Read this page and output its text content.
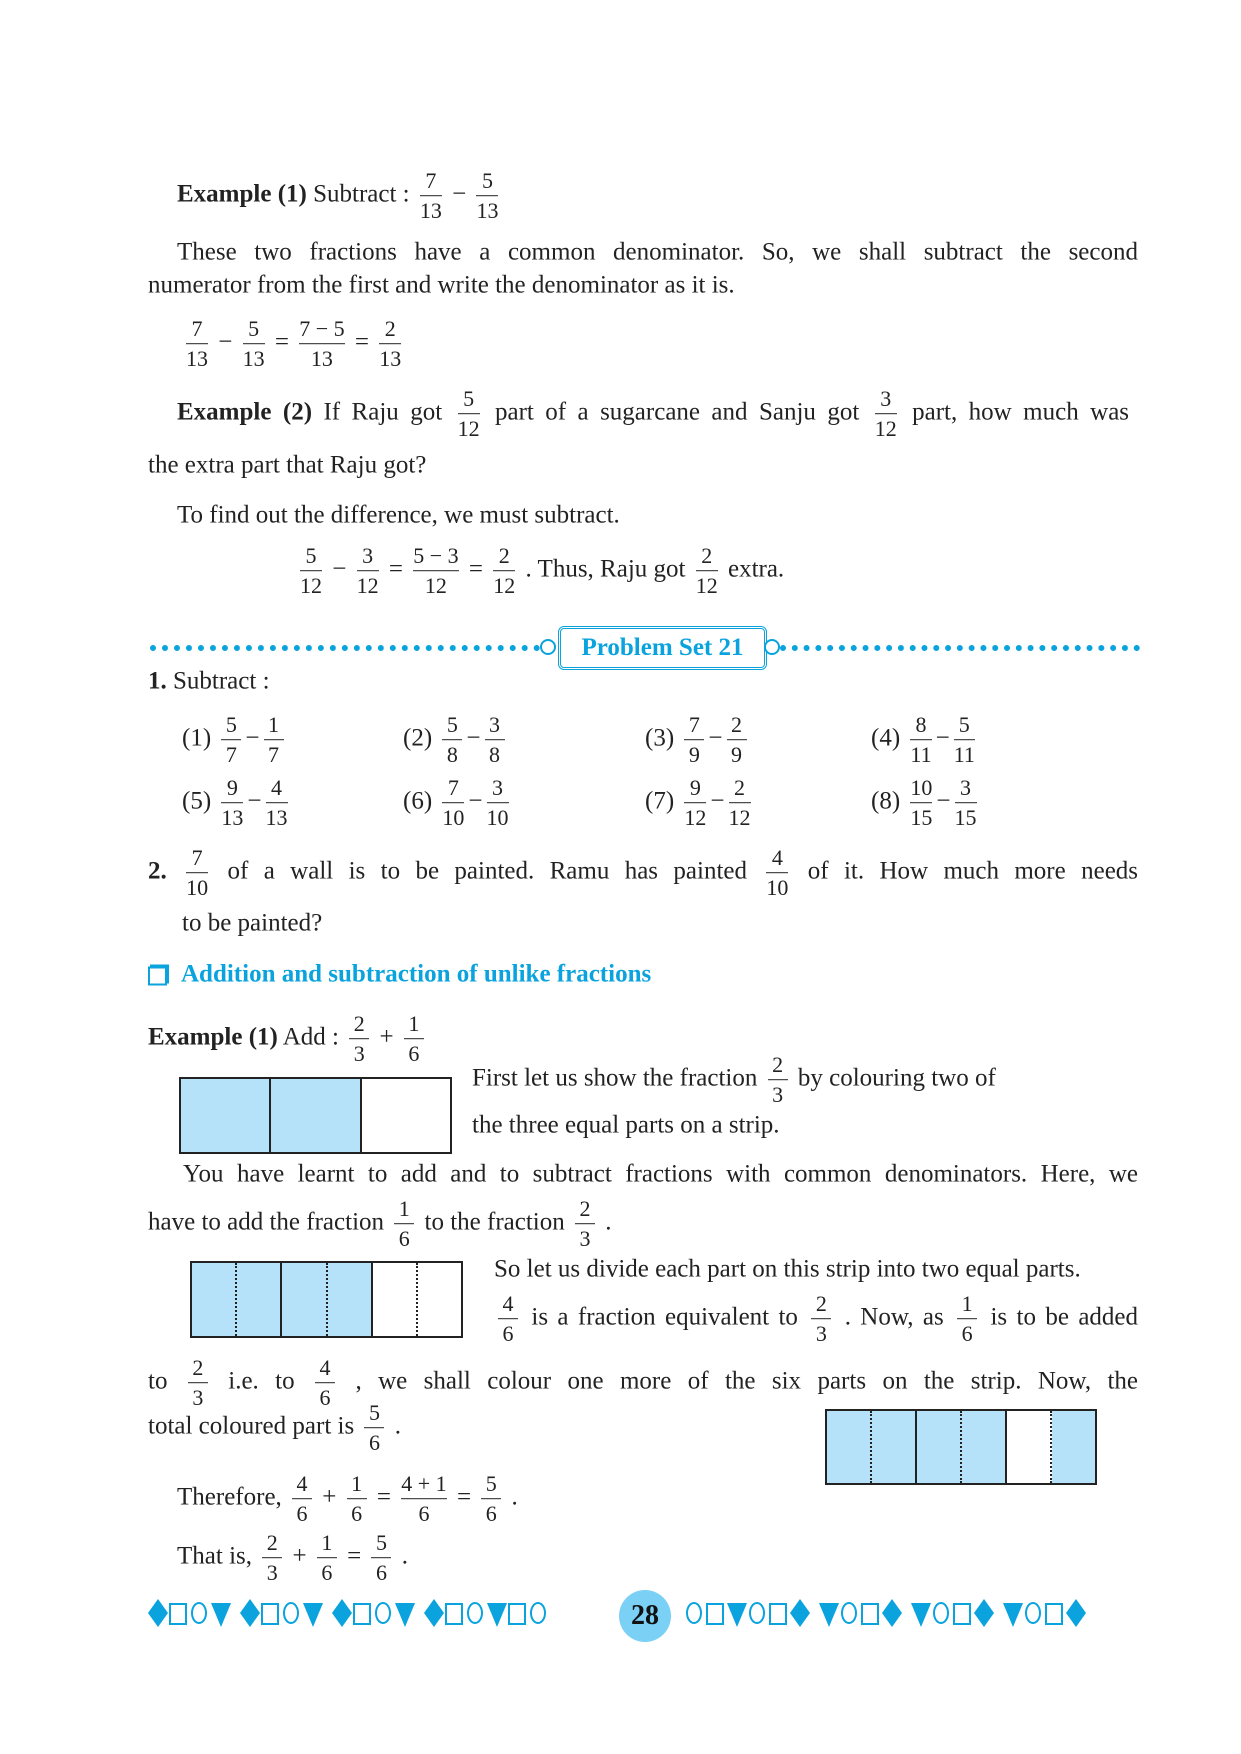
Example (1) Subtract : $\frac{7}{13} - \frac{5}{13}$
These two fractions have a common denominator. So, we shall subtract the second
numerator from the first and write the denominator as it is.
$\frac{7}{13} - \frac{5}{13} = \frac{7 - 5}{13} = \frac{2}{13}$
Example (2) If Raju got $\frac{5}{12}$ part of a sugarcane and Sanju got $\frac{3}{12}$ part, how much was
the extra part that Raju got?
To find out the difference, we must subtract.
$\frac{5}{12} - \frac{3}{12} = \frac{5 - 3}{12} = \frac{2}{12}$ . Thus, Raju got $\frac{2}{12}$ extra.
Problem Set 21
1. Subtract :
$(1) \frac{5}{7} - \frac{1}{7}$	$(2) \frac{5}{8} - \frac{3}{8}$	$(3) \frac{7}{9} - \frac{2}{9}$	$(4) \frac{8}{11} - \frac{5}{11}$
$(5) \frac{9}{13} - \frac{4}{13}$	$(6) \frac{7}{10} - \frac{3}{10}$	$(7) \frac{9}{12} - \frac{2}{12}$	$(8) \frac{10}{15} - \frac{3}{15}$
2. $\frac{7}{10}$ of a wall is to be painted. Ramu has painted $\frac{4}{10}$ of it. How much more needs
to be painted?
Addition and subtraction of unlike fractions
Example (1) Add : $\frac{2}{3} + \frac{1}{6}$
First let us show the fraction $\frac{2}{3}$ by colouring two of
the three equal parts on a strip.
You have learnt to add and to subtract fractions with common denominators. Here, we
have to add the fraction $\frac{1}{6}$ to the fraction $\frac{2}{3}$ .
So let us divide each part on this strip into two equal parts.
$\frac{4}{6}$ is a fraction equivalent to $\frac{2}{3}$ . Now, as $\frac{1}{6}$ is to be added
to $\frac{2}{3} i.e$. to $\frac{4}{6}$ , we shall colour one more of the six parts on the strip. Now, the
total coloured part is $\frac{5}{6}$ .
Therefore, $\frac{4}{6} + \frac{1}{6} = \frac{4 + 1}{6} = \frac{5}{6}$ .
That is, $\frac{2}{3} + \frac{1}{6} = \frac{5}{6}$ .
28
